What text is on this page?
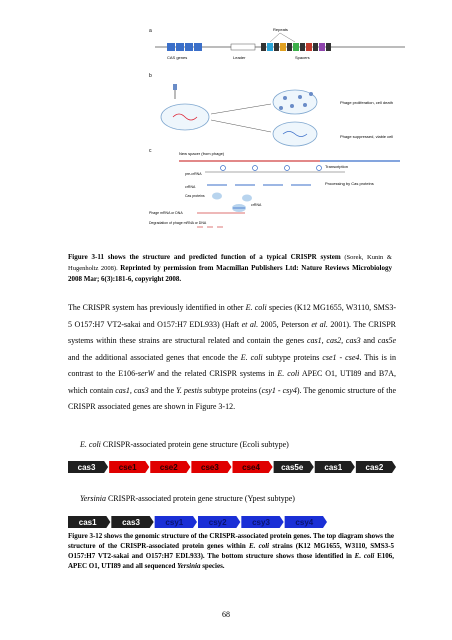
a
CAS genes	Leader
Repeats
Spacers
b
Phage proliferation, cell death
Phage suppressed, viable cell
c	New spacer (from phage)
Transcription
pre-crRNA
Processing by Cas proteins
crRNA
Cas proteins
crRNA
Phage mRNA or DNA
Degradation of phage mRNA or DNA
Figure 3-11 shows the structure and predicted function of a typical CRISPR system (Sorek, Kunin & Hugenholtz 2008). Reprinted by permission from Macmillan Publishers Ltd: Nature Reviews Microbiology 2008 Mar; 6(3):181-6, copyright 2008.
The CRISPR system has previously identified in other E. coli species (K12 MG1655, W3110, SMS3-5 O157:H7 VT2-sakai and O157:H7 EDL933) (Haft et al. 2005, Peterson et al. 2001). The CRISPR systems within these strains are structural related and contain the genes cas1, cas2, cas3 and cas5e and the additional associated genes that encode the E. coli subtype proteins cse1 - cse4. This is in contrast to the E106-serW and the related CRISPR systems in E. coli APEC O1, UTI89 and B7A, which contain cas1, cas3 and the Y. pestis subtype proteins (csy1 - csy4). The genomic structure of the CRISPR associated genes are shown in Figure 3-12.
E. coli CRISPR-associated protein gene structure (Ecoli subtype)
cas3	cse1	cse2	cse3	cse4	cas5e	cas1	cas2
Yersinia CRISPR-associated protein gene structure (Ypest subtype)
cas1	cas3	csy1	csy2	csy3	csy4
Figure 3-12 shows the genomic structure of the CRISPR-associated protein genes. The top diagram shows the structure of the CRISPR-associated protein genes within E. coli strains (K12 MG1655, W3110, SMS3-5 O157:H7 VT2-sakai and O157:H7 EDL933). The bottom structure shows those identified in E. coli E106, APEC O1, UTI89 and all sequenced Yersinia species.
68
